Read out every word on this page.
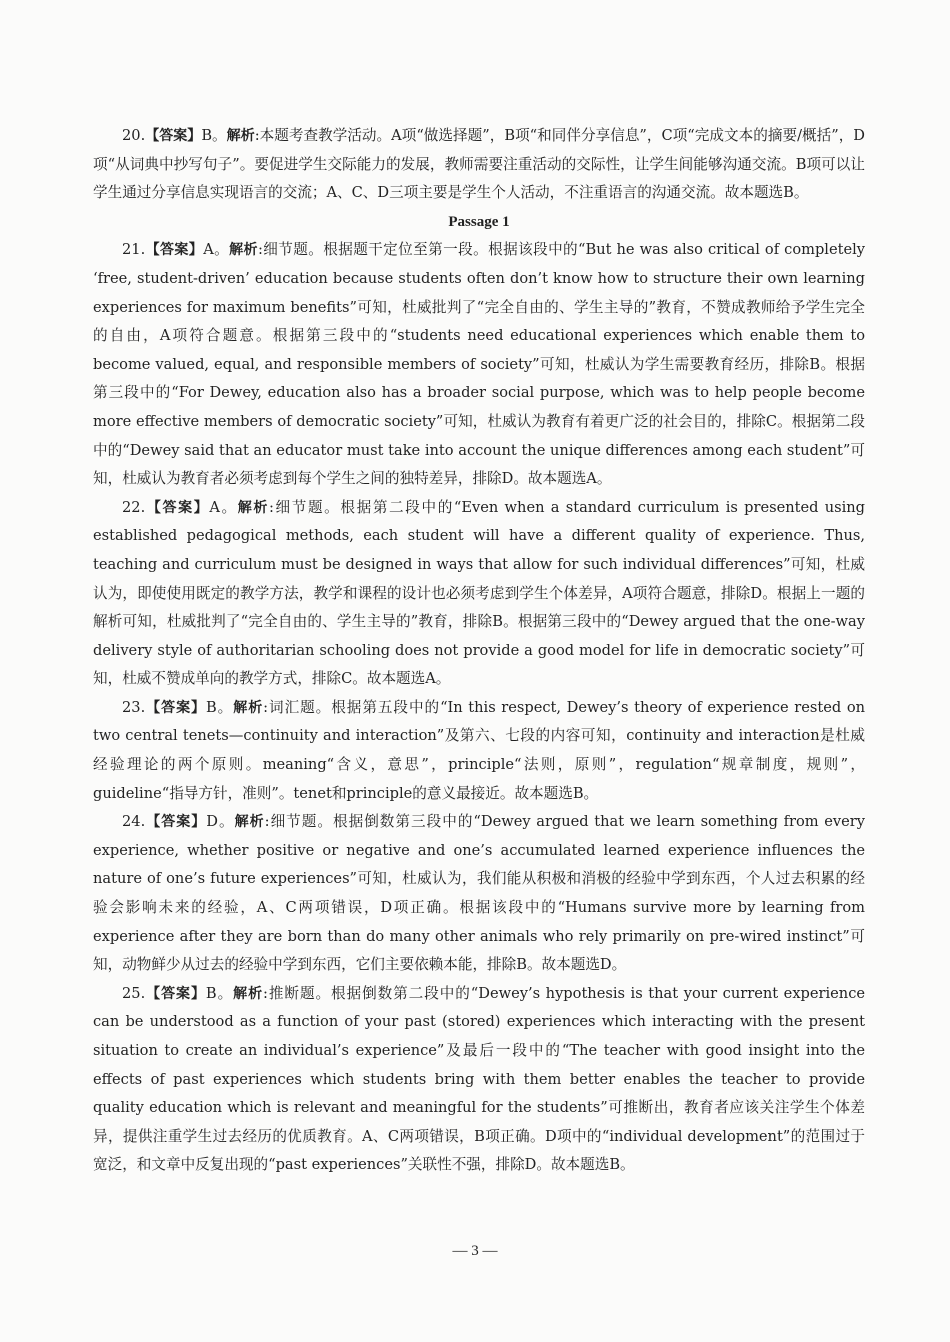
20.【答案】B。解析:本题考查教学活动。A项“做选择题”，B项“和同伴分享信息”，C项“完成文本的摘要/概括”，D项“从词典中抄写句子”。要促进学生交际能力的发展，教师需要注重活动的交际性，让学生间能够沟通交流。B项可以让学生通过分享信息实现语言的交流；A、C、D三项主要是学生个人活动，不注重语言的沟通交流。故本题选B。

Passage 1

21.【答案】A。解析:细节题。根据题干定位至第一段。根据该段中的“But he was also critical of completely ‘free, student-driven’ education because students often don’t know how to structure their own learning experiences for maximum benefits”可知，杜威批判了“完全自由的、学生主导的”教育，不赞成教师给予学生完全的自由，A项符合题意。根据第三段中的“students need educational experiences which enable them to become valued, equal, and responsible members of society”可知，杜威认为学生需要教育经历，排除B。根据第三段中的“For Dewey, education also has a broader social purpose, which was to help people become more effective members of democratic society”可知，杜威认为教育有着更广泛的社会目的，排除C。根据第二段中的“Dewey said that an educator must take into account the unique differences among each student”可知，杜威认为教育者必须考虑到每个学生之间的独特差异，排除D。故本题选A。

22.【答案】A。解析:细节题。根据第二段中的“Even when a standard curriculum is presented using established pedagogical methods, each student will have a different quality of experience. Thus, teaching and curriculum must be designed in ways that allow for such individual differences”可知，杜威认为，即使使用既定的教学方法，教学和课程的设计也必须考虑到学生个体差异，A项符合题意，排除D。根据上一题的解析可知，杜威批判了“完全自由的、学生主导的”教育，排除B。根据第三段中的“Dewey argued that the one-way delivery style of authoritarian schooling does not provide a good model for life in democratic society”可知，杜威不赞成单向的教学方式，排除C。故本题选A。

23.【答案】B。解析:词汇题。根据第五段中的“In this respect, Dewey’s theory of experience rested on two central tenets—continuity and interaction”及第六、七段的内容可知，continuity and interaction是杜威经验理论的两个原则。meaning“含义，意思”，principle“法则，原则”，regulation“规章制度，规则”，guideline“指导方针，准则”。tenet和principle的意义最接近。故本题选B。

24.【答案】D。解析:细节题。根据倒数第三段中的“Dewey argued that we learn something from every experience, whether positive or negative and one’s accumulated learned experience influences the nature of one’s future experiences”可知，杜威认为，我们能从积极和消极的经验中学到东西，个人过去积累的经验会影响未来的经验，A、C两项错误，D项正确。根据该段中的“Humans survive more by learning from experience after they are born than do many other animals who rely primarily on pre-wired instinct”可知，动物鲜少从过去的经验中学到东西，它们主要依赖本能，排除B。故本题选D。

25.【答案】B。解析:推断题。根据倒数第二段中的“Dewey’s hypothesis is that your current experience can be understood as a function of your past (stored) experiences which interacting with the present situation to create an individual’s experience”及最后一段中的“The teacher with good insight into the effects of past experiences which students bring with them better enables the teacher to provide quality education which is relevant and meaningful for the students”可推断出，教育者应该关注学生个体差异，提供注重学生过去经历的优质教育。A、C两项错误，B项正确。D项中的“individual development”的范围过于宽泛，和文章中反复出现的“past experiences”关联性不强，排除D。故本题选B。

— 3 —
